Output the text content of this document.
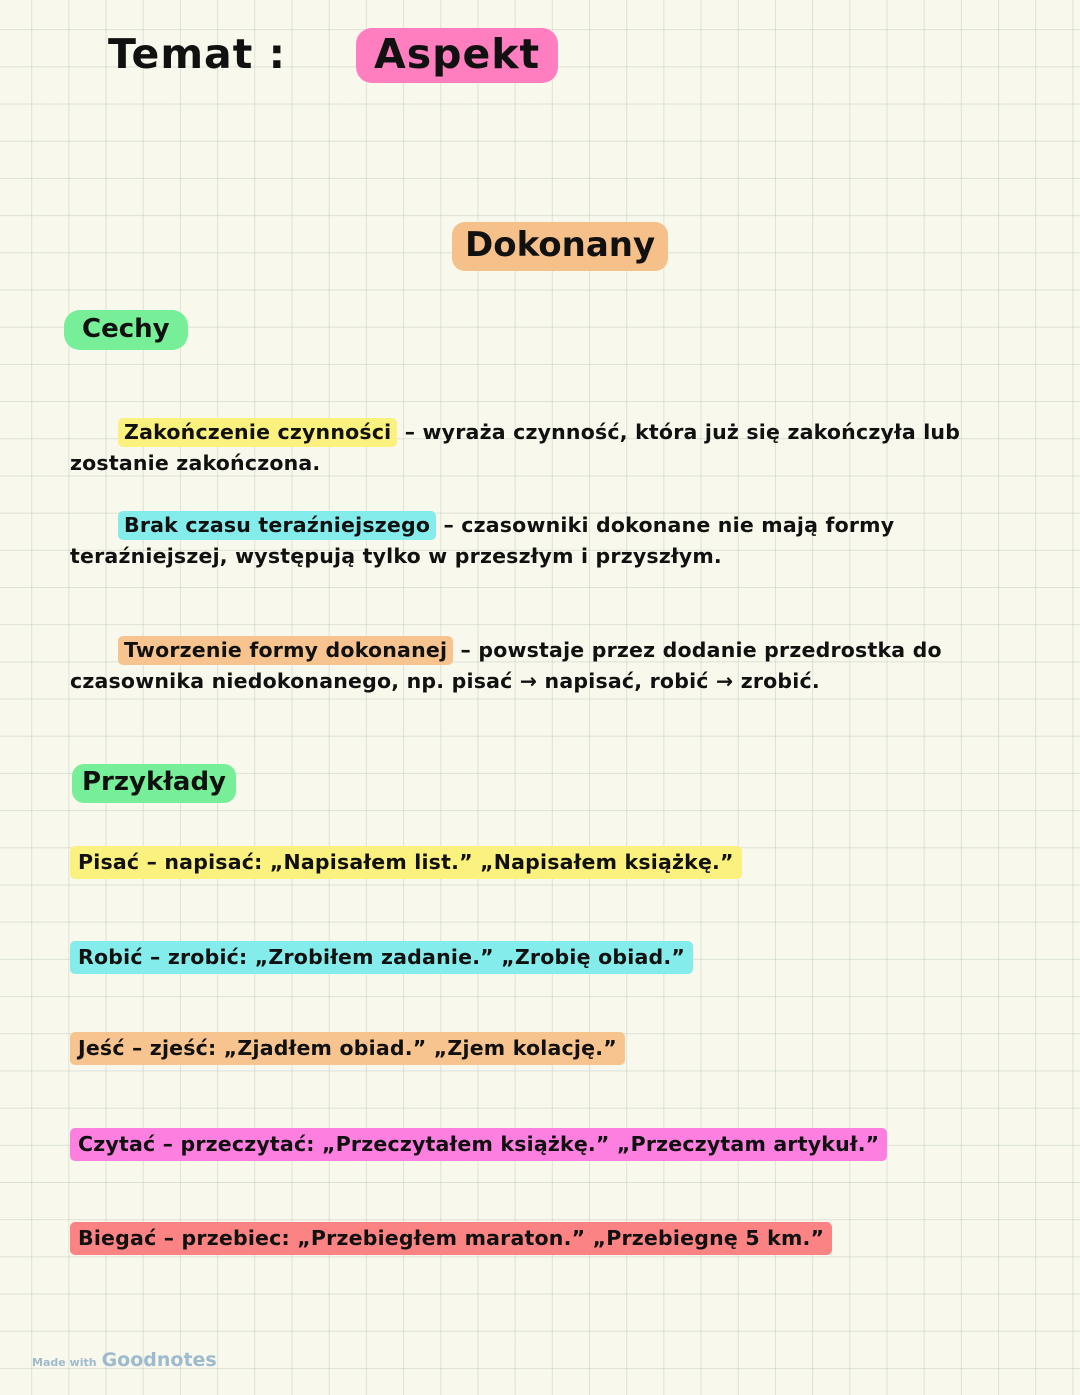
Temat :	Aspekt
Dokonany
Cechy

Zakończenie czynności – wyraża czynność, która już się zakończyła lub zostanie zakończona.

Brak czasu teraźniejszego – czasowniki dokonane nie mają formy teraźniejszej, występują tylko w przeszłym i przyszłym.

Tworzenie formy dokonanej – powstaje przez dodanie przedrostka do czasownika niedokonanego, np. pisać → napisać, robić → zrobić.

Przykłady
Pisać – napisać: „Napisałem list.” „Napisałem książkę.”
Robić – zrobić: „Zrobiłem zadanie.” „Zrobię obiad.”
Jeść – zjeść: „Zjadłem obiad.” „Zjem kolację.”
Czytać – przeczytać: „Przeczytałem książkę.” „Przeczytam artykuł.”
Biegać – przebiec: „Przebiegłem maraton.” „Przebiegnę 5 km.”
Made with Goodnotes
